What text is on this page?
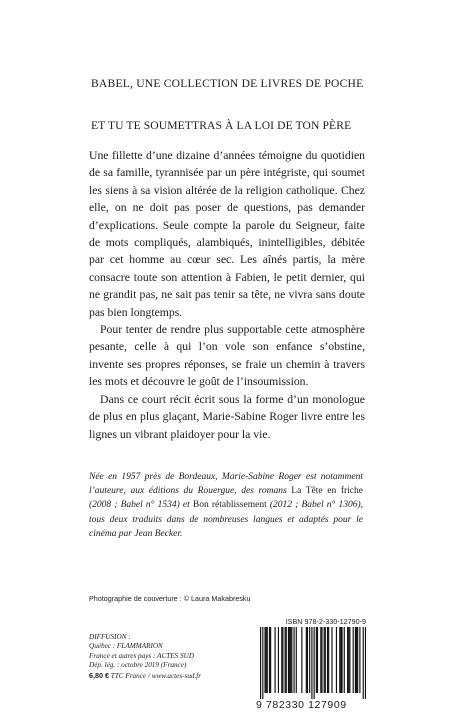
BABEL, UNE COLLECTION DE LIVRES DE POCHE
ET TU TE SOUMETTRAS À LA LOI DE TON PÈRE

Une fillette d’une dizaine d’années témoigne du quotidien de sa famille, tyrannisée par un père intégriste, qui soumet les siens à sa vision altérée de la religion catholique. Chez elle, on ne doit pas poser de questions, pas demander d’explications. Seule compte la parole du Seigneur, faite de mots compliqués, alambiqués, inintelligibles, débitée par cet homme au cœur sec. Les aînés partis, la mère consacre toute son attention à Fabien, le petit dernier, qui ne grandit pas, ne sait pas tenir sa tête, ne vivra sans doute pas bien longtemps.

Pour tenter de rendre plus supportable cette atmosphère pesante, celle à qui l’on vole son enfance s’obstine, invente ses propres réponses, se fraie un chemin à travers les mots et découvre le goût de l’insoumission.

Dans ce court récit écrit sous la forme d’un monologue de plus en plus glaçant, Marie-Sabine Roger livre entre les lignes un vibrant plaidoyer pour la vie.

Née en 1957 près de Bordeaux, Marie-Sabine Roger est notamment l’auteure, aux éditions du Rouergue, des romans La Tête en friche (2008 ; Babel n° 1534) et Bon rétablissement (2012 ; Babel n° 1306), tous deux traduits dans de nombreuses langues et adaptés pour le cinéma par Jean Becker.
Photographie de couverture : © Laura Makabresku
ISBN 978-2-330-12790-9
DIFFUSION :
Québec : FLAMMARION
France et autres pays : ACTES SUD
Dép. lég. : octobre 2019 (France)
6,80 € TTC France / www.actes-sud.fr
9 782330 127909
